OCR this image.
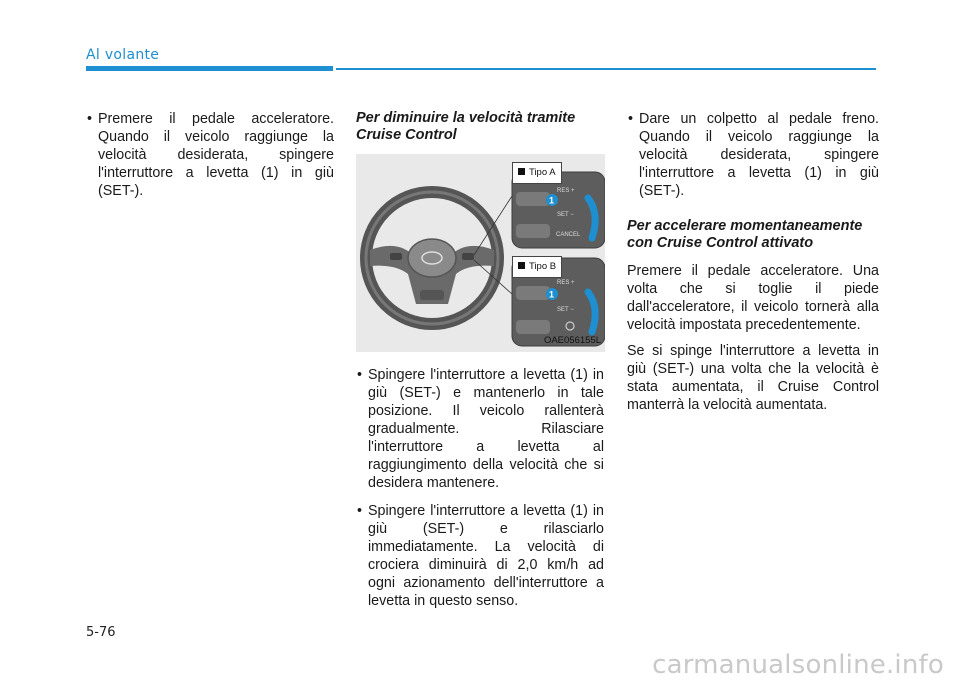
Al volante

• Premere il pedale acceleratore. Quando il veicolo raggiunge la velocità desiderata, spingere l'interruttore a levetta (1) in giù (SET-).

Per diminuire la velocità tramite Cruise Control
RES +
SET −
CANCEL
RES +
SET −
1
1
Tipo A
Tipo B
OAE056155L

• Spingere l'interruttore a levetta (1) in giù (SET-) e mantenerlo in tale posizione. Il veicolo rallenterà gradualmente. Rilasciare l'interruttore a levetta al raggiungimento della velocità che si desidera mantenere.

• Spingere l'interruttore a levetta (1) in giù (SET-) e rilasciarlo immediatamente. La velocità di crociera diminuirà di 2,0 km/h ad ogni azionamento dell'interruttore a levetta in questo senso.

• Dare un colpetto al pedale freno. Quando il veicolo raggiunge la velocità desiderata, spingere l'interruttore a levetta (1) in giù (SET-).

Per accelerare momentaneamente con Cruise Control attivato

Premere il pedale acceleratore. Una volta che si toglie il piede dall'acceleratore, il veicolo tornerà alla velocità impostata precedentemente.

Se si spinge l'interruttore a levetta in giù (SET-) una volta che la velocità è stata aumentata, il Cruise Control manterrà la velocità aumentata.

5-76
carmanualsonline.info
